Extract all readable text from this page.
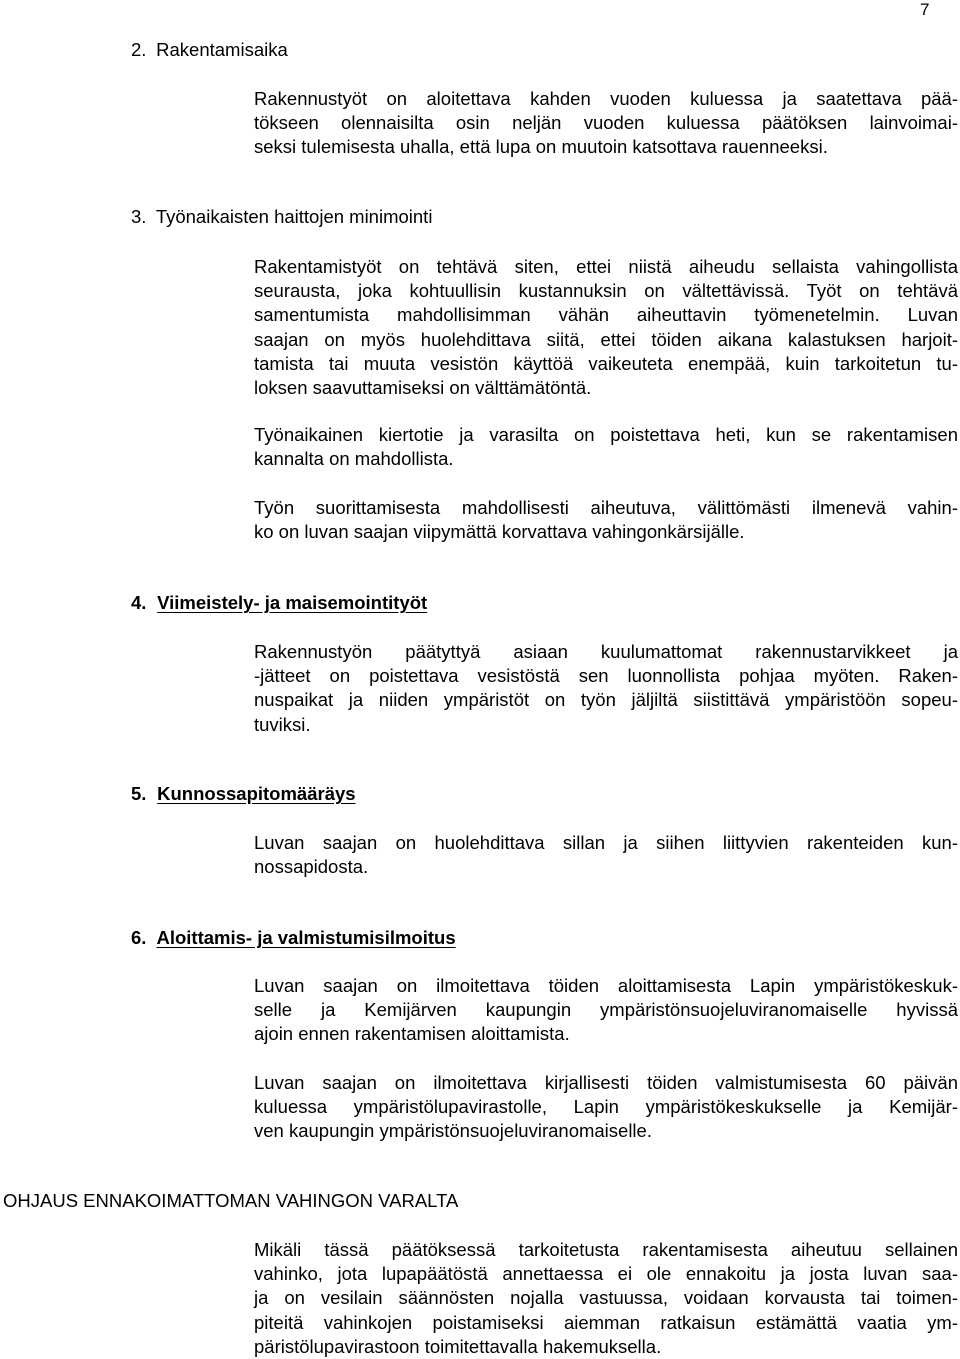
7
2. Rakentamisaika
Rakennustyöt on aloitettava kahden vuoden kuluessa ja saatettava pää-
tökseen olennaisilta osin neljän vuoden kuluessa päätöksen lainvoimai-
seksi tulemisesta uhalla, että lupa on muutoin katsottava rauenneeksi.
3. Työnaikaisten haittojen minimointi
Rakentamistyöt on tehtävä siten, ettei niistä aiheudu sellaista vahingollista
seurausta, joka kohtuullisin kustannuksin on vältettävissä. Työt on tehtävä
samentumista mahdollisimman vähän aiheuttavin työmenetelmin. Luvan
saajan on myös huolehdittava siitä, ettei töiden aikana kalastuksen harjoit-
tamista tai muuta vesistön käyttöä vaikeuteta enempää, kuin tarkoitetun tu-
loksen saavuttamiseksi on välttämätöntä.
Työnaikainen kiertotie ja varasilta on poistettava heti, kun se rakentamisen
kannalta on mahdollista.
Työn suorittamisesta mahdollisesti aiheutuva, välittömästi ilmenevä vahin-
ko on luvan saajan viipymättä korvattava vahingonkärsijälle.
4. Viimeistely- ja maisemointityöt
Rakennustyön päätyttyä asiaan kuulumattomat rakennustarvikkeet ja
-jätteet on poistettava vesistöstä sen luonnollista pohjaa myöten. Raken-
nuspaikat ja niiden ympäristöt on työn jäljiltä siistittävä ympäristöön sopeu-
tuviksi.
5. Kunnossapitomääräys
Luvan saajan on huolehdittava sillan ja siihen liittyvien rakenteiden kun-
nossapidosta.
6. Aloittamis- ja valmistumisilmoitus
Luvan saajan on ilmoitettava töiden aloittamisesta Lapin ympäristökeskuk-
selle ja Kemijärven kaupungin ympäristönsuojeluviranomaiselle hyvissä
ajoin ennen rakentamisen aloittamista.
Luvan saajan on ilmoitettava kirjallisesti töiden valmistumisesta 60 päivän
kuluessa ympäristölupavirastolle, Lapin ympäristökeskukselle ja Kemijär-
ven kaupungin ympäristönsuojeluviranomaiselle.
OHJAUS ENNAKOIMATTOMAN VAHINGON VARALTA
Mikäli tässä päätöksessä tarkoitetusta rakentamisesta aiheutuu sellainen
vahinko, jota lupapäätöstä annettaessa ei ole ennakoitu ja josta luvan saa-
ja on vesilain säännösten nojalla vastuussa, voidaan korvausta tai toimen-
piteitä vahinkojen poistamiseksi aiemman ratkaisun estämättä vaatia ym-
päristölupavirastoon toimitettavalla hakemuksella.
